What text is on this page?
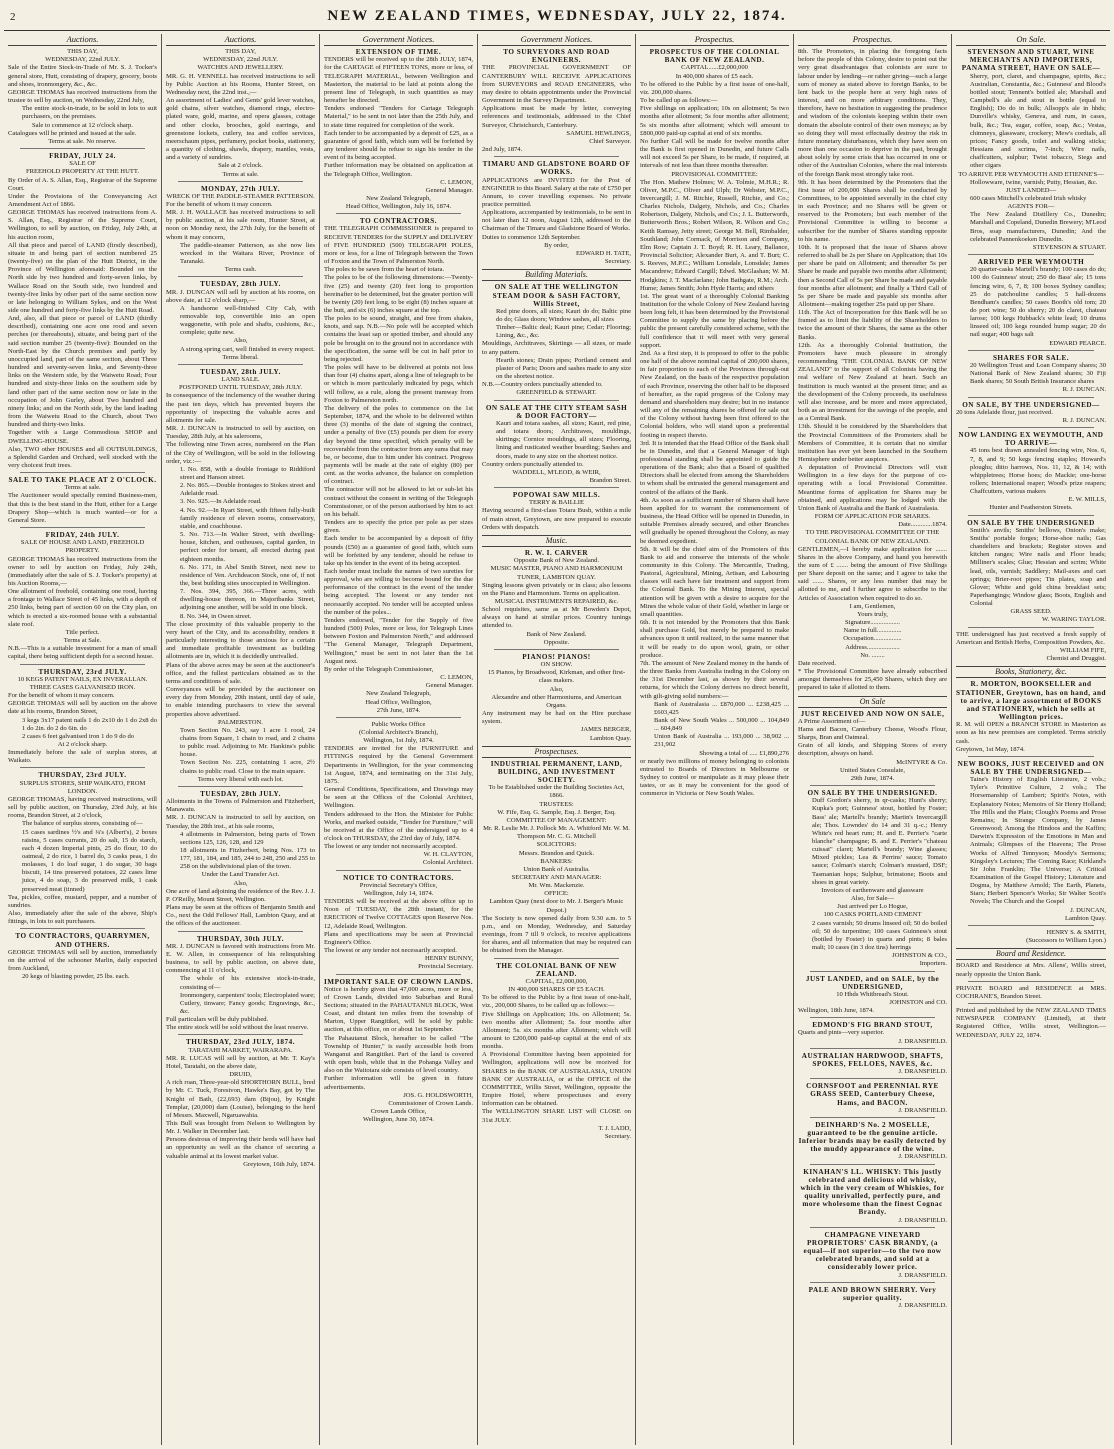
2	NEW ZEALAND TIMES, WEDNESDAY, JULY 22, 1874.
Auctions.
THIS DAY,
WEDNESDAY, 22nd JULY.
Sale of the Entire Stock-in-Trade of Mr. S. J. Tocker's general store, Hutt, consisting of drapery, grocery, boots and shoes, ironmongery, &c., &c.
GEORGE THOMAS has received instructions from the trustee to sell by auction, on Wednesday, 22nd July,
The entire stock-in-trade, to be sold in lots to suit purchasers, on the premises.
Sale to commence at 12 o'clock sharp.
Catalogues will be printed and issued at the sale.
Terms at sale. No reserve.
FRIDAY, JULY 24.
SALE OF
FREEHOLD PROPERTY AT THE HUTT.
By Order of A. S. Allan, Esq., Registrar of the Supreme Court.
Under the Provisions of the Conveyancing Act Amendment Act of 1866.
GEORGE THOMAS has received instructions from A. S. Allan, Esq., Registrar of the Supreme Court, Wellington, to sell by auction, on Friday, July 24th, at his auction room,
All that piece and parcel of LAND (firstly described), situate in and being part of section numbered 25 (twenty-five) on the plan of the Hutt District, in the Province of Wellington aforesaid: Bounded on the North side by two hundred and forty-seven links, by Wallace Road on the South side, two hundred and twenty-five links by other part of the same section now or late belonging to William Sykes, and on the West side one hundred and forty-five links by the Hutt Road.
And, also, all that piece or parcel of LAND (thirdly described), containing one acre one rood and seven perches (or thereabouts), situate, and being part of the said section number 25 (twenty-five): Bounded on the North-East by the Church premises and partly by unoccupied land, part of the same section, about Three hundred and seventy-seven links, and Seventy-three links on the Western side, by the Waiwetu Road; Four hundred and sixty-three links on the southern side by land other part of the same section now or late in the occupation of John Gurley, about Two hundred and ninety links; and on the North side, by the land leading from the Waiwetu Road to the Church, about Two hundred and thirty-two links.
Together with a Large Commodious SHOP and DWELLING-HOUSE.
Also, TWO other HOUSES and all OUTBUILDINGS, a Splendid Garden and Orchard, well stocked with the very choicest fruit trees.
SALE TO TAKE PLACE AT 2 O'CLOCK.
Terms at sale.
The Auctioneer would specially remind Business-men, that this is the best stand in the Hutt, either for a Large Drapery Shop—which is much wanted—or for a General Store.
FRIDAY, 24th JULY.
SALE OF HOUSE AND LAND, FREEHOLD PROPERTY.
GEORGE THOMAS has received instructions from the owner to sell by auction on Friday, July 24th, (immediately after the sale of S. J. Tocker's property) at his Auction Rooms,—
One allotment of freehold, containing one rood, having a frontage to Wallace Street of 45 links, with a depth of 250 links, being part of section 60 on the City plan, on which is erected a six-roomed house with a substantial slate roof.
Title perfect.
Terms at Sale.
N.B.—This is a suitable investment for a man of small capital, there being sufficient depth for a second house.
THURSDAY, 23rd JULY.
10 KEGS PATENT NAILS, EX INVERALLAN.
THREE CASES GALVANISED IRON.
For the benefit of whom it may concern.
GEORGE THOMAS will sell by auction on the above date at his rooms, Brandon Street,
3 kegs 3x17 patent nails 1 do 2x10 do 1 do 2x8 do 1 do 2in. do 2 do 6in. do
2 cases 6 feet galvanised iron 1 do 9 do do
At 2 o'clock sharp.
Immediately before the sale of surplus stores, at Waikato.
THURSDAY, 23rd JULY.
SURPLUS STORES, SHIP WAIKATO, FROM LONDON.
GEORGE THOMAS, having received instructions, will sell by public auction, on Thursday, 23rd July, at his rooms, Brandon Street, at 2 o'clock,
The balance of surplus stores, consisting of—
15 cases sardines ½'s and ¼'s (Albert's), 2 boxes raisins, 5 cases currants, 20 do salt, 15 do starch, each 4 dozen Imperial pints, 25 do flour, 10 do oatmeal, 2 do rice, 1 barrel do, 3 casks peas, 1 do molasses, 1 do loaf sugar, 1 do sugar, 30 bags biscuit, 14 tins preserved potatoes, 22 cases lime juice, 4 do soap, 3 do preserved milk, 1 cask preserved meat (tinned)
Tea, pickles, coffee, mustard, pepper, and a number of sundries.
Also, immediately after the sale of the above, Ship's fittings, in lots to suit purchasers.
TO CONTRACTORS, QUARRYMEN, AND OTHERS.
GEORGE THOMAS will sell by auction, immediately on the arrival of the schooner Marlin, daily expected from Auckland,
20 kegs of blasting powder, 25 lbs. each.
Auctions.
THIS DAY,
WEDNESDAY, 22nd JULY.
WATCHES AND JEWELLERY.
MR. G. H. VENNELL has received instructions to sell by Public Auction at his Rooms, Hunter Street, on Wednesday next, the 22nd inst.,—
An assortment of Ladies' and Gents' gold lever watches, gold chains, silver watches, diamond rings, electro-plated ware, gold, marine, and opera glasses, cottage and other clocks, brooches, gold earrings, and greenstone lockets, cutlery, tea and coffee services, meerschaum pipes, perfumery, pocket books, stationery, a quantity of clothing, shawls, drapery, mantles, vests, and a variety of sundries.
Sale at 2 o'clock.
Terms at sale.
MONDAY, 27th JULY.
WRECK OF THE PADDLE-STEAMER PATTERSON.
For the benefit of whom it may concern.
MR. J. H. WALLACE has received instructions to sell by public auction, at his sale room, Hunter Street, at noon on Monday next, the 27th July, for the benefit of whom it may concern,
The paddle-steamer Patterson, as she now lies wrecked in the Waitara River, Province of Taranaki.
Terms cash.
TUESDAY, 28th JULY.
MR. J. DUNCAN will sell by auction at his rooms, on above date, at 12 o'clock sharp,—
A handsome well-finished City Cab, with removable top, convertible into an open waggonette, with pole and shafts, cushions, &c., complete; quite new.
Also,
A strong spring cart, well finished in every respect.
Terms liberal.
TUESDAY, 28th JULY.
LAND SALE.
POSTPONED UNTIL TUESDAY, 28th JULY.
In consequence of the inclemency of the weather during the past ten days, which has prevented buyers the opportunity of inspecting the valuable acres and allotments for sale.
MR. J. DUNCAN is instructed to sell by auction, on Tuesday, 28th July, at his salerooms,
The following nine Town acres, numbered on the Plan of the City of Wellington, will be sold in the following order, viz.:—
1. No. 858, with a double frontage to Riddiford street and Hanson street.
2. No. 865.—Double frontages to Stokes street and Adelaide road.
3. No. 925.—In Adelaide road.
4. No. 92.—In Ryart Street, with fifteen fully-built family residence of eleven rooms, conservatory, stable, and coachhouse.
5. No. 713.—In Walter Street, with dwelling-house, kitchen, and outhouses, capital garden, in perfect order for tenant, all erected during past eighteen months.
6. No. 171, in Abel Smith Street, next new to residence of Ven. Archdeacon Stock, one of, if not the, best building sites unoccupied in Wellington.
7. Nos. 394, 395, 366.—Three acres, with dwelling-house thereon, in Majoribanks Street, adjoining one another, will be sold in one block.
8. No. 344, in Owen street.
The close proximity of this valuable property to the very heart of the City, and its accessibility, renders it particularly interesting to those anxious for a certain and immediate profitable investment as building allotments are in, which it is decidedly unrivalled.
Plans of the above acres may be seen at the auctioneer's office, and the fullest particulars obtained as to the terms and conditions of sale.
Conveyances will be provided by the auctioneer on every day from Monday, 20th instant, until day of sale, to enable intending purchasers to view the several properties above advertised.
PALMERSTON.
Town Section No. 243, say 1 acre 1 rood, 24 chains from Square, 1 chain to road, and 2 chains to public road. Adjoining to Mr. Hankins's public house.
Town Section No. 225, containing 1 acre, 2½ chains to public road. Close to the main square.
Terms very liberal with each lot.
TUESDAY, 28th JULY.
Allotments in the Towns of Palmerston and Fitzherbert, Manawatu.
MR. J. DUNCAN is instructed to sell by auction, on Tuesday, the 28th inst., at his sale rooms,
4 allotments in Palmerston, being parts of Town sections 125, 126, 128, and 129
18 allotments in Fitzherbert, being Nos. 173 to 177, 181, 184, and 185, 244 to 248, 250 and 255 to 258 on the subdivisional plan of the town.
Under the Land Transfer Act.
Also,
One acre of land adjoining the residence of the Rev. J. J. P. O'Reilly, Mount Street, Wellington.
Plans may be seen at the offices of Benjamin Smith and Co., next the Odd Fellows' Hall, Lambton Quay, and at the offices of the auctioneer.
THURSDAY, 30th JULY.
MR. J. DUNCAN is favored with instructions from Mr. E. W. Allen, in consequence of his relinquishing business, to sell by public auction, on above date, commencing at 11 o'clock,
The whole of his extensive stock-in-trade, consisting of—
Ironmongery, carpenters' tools; Electroplated ware; Cutlery, tinware; Fancy goods; Engravings, &c., &c.
Full particulars will be duly published.
The entire stock will be sold without the least reserve.
THURSDAY, 23rd JULY, 1874.
TARATAHI MARKET, WAIRARAPA.
MR. R. LUCAS will sell by auction, at Mr. T. Kay's Hotel, Taratahi, on the above date,
DRUID,
A rich roan, Three-year-old SHORTHORN BULL, bred by Mr. C. Tuck, Forestvon, Hawke's Bay, got by The Knight of Bath, (22,693) dam (Bijou), by Knight Templar, (20,000) dam (Louise), belonging to the herd of Messrs. Maxwell, Ngaruawahia.
This Bull was brought from Nelson to Wellington by Mr. J. Walker in December last.
Persons desirous of improving their herds will have had an opportunity as well as the chance of securing a valuable animal at its lowest market value.
Greytown, 16th July, 1874.
Government Notices.
EXTENSION OF TIME.
TENDERS will be received up to the 28th JULY, 1874, for the CARTAGE of FIFTEEN TONS, more or less, of TELEGRAPH MATERIAL, between Wellington and Masterton, the material to be laid at points along the present line of Telegraph, in such quantities as may hereafter be directed.
Tenders endorsed "Tenders for Cartage Telegraph Material," to be sent in not later than the 25th July, and to state time required for completion of the work.
Each tender to be accompanied by a deposit of £25, as a guarantee of good faith, which sum will be forfeited by any tenderer should he refuse to sign his tender in the event of its being accepted.
Further information may be obtained on application at the Telegraph Office, Wellington.
C. LEMON,
General Manager.
New Zealand Telegraph,
Head Office, Wellington, July 16, 1874.
TO CONTRACTORS.
THE TELEGRAPH COMMISSIONER is prepared to RECEIVE TENDERS for the SUPPLY and DELIVERY of FIVE HUNDRED (500) TELEGRAPH POLES, more or less, for a line of Telegraph between the Town of Foxton and the Town of Palmerston North.
The poles to be sawn from the heart of totara.
The poles to be of the following dimensions:—Twenty-five (25) and twenty (20) feet long to proportion hereinafter to be determined, but the greater portion will be twenty (20) feet long, to be eight (8) inches square at the butt, and six (6) inches square at the top.
The poles to be sound, straight, and free from shakes, knots, and sap. N.B.—No pole will be accepted which contains the least sap or spotted timber, and should any pole be brought on to the ground not in accordance with the specification, the same will be cut in half prior to being rejected.
The poles will have to be delivered at points not less than four (4) chains apart, along a line of telegraph to be or which is more particularly indicated by pegs, which will follow, as a rule, along the present tramway from Foxton to Palmerston north.
The delivery of the poles to commence on the 1st September, 1874, and the whole to be delivered within three (3) months of the date of signing the contract, under a penalty of five (£5) pounds per diem for every day beyond the time specified, which penalty will be recoverable from the contractor from any sums that may be, or become, due to him under his contract. Progress payments will be made at the rate of eighty (80) per cent. as the works advance, the balance on completion of contract.
The contractor will not be allowed to let or sub-let his contract without the consent in writing of the Telegraph Commissioner, or of the person authorised by him to act on his behalf.
Tenders are to specify the price per pole as per sizes given.
Each tender to be accompanied by a deposit of fifty pounds (£50) as a guarantee of good faith, which sum will be forfeited by any tenderer, should he refuse to take up his tender in the event of its being accepted.
Each tender must include the names of two sureties for approval, who are willing to become bound for the due performance of the contract in the event of the tender being accepted. The lowest or any tender not necessarily accepted. No tender will be accepted unless the number of the poles...
Tenders endorsed, "Tender for the Supply of five hundred (500) Poles, more or less, for Telegraph Lines between Foxton and Palmerston North," and addressed "The General Manager, Telegraph Department, Wellington," must be sent in not later than the 1st August next.
By order of the Telegraph Commissioner,
C. LEMON,
General Manager.
New Zealand Telegraph,
Head Office, Wellington,
27th June, 1874.
Public Works Office
(Colonial Architect's Branch),
Wellington, 1st July, 1874.
TENDERS are invited for the FURNITURE and FITTINGS required by the General Government Departments in Wellington, for the year commencing 1st August, 1874, and terminating on the 31st July, 1875.
General Conditions, Specifications, and Drawings may be seen at the Offices of the Colonial Architect, Wellington.
Tenders addressed to the Hon. the Minister for Public Works, and marked outside, "Tender for Furniture," will be received at the Office of the undersigned up to 4 o'clock on THURSDAY, the 23rd day of July, 1874.
The lowest or any tender not necessarily accepted.
W. H. CLAYTON,
Colonial Architect.
NOTICE TO CONTRACTORS.
Provincial Secretary's Office,
Wellington, July 14, 1874.
TENDERS will be received at the above office up to Noon of TUESDAY, the 28th instant, for the ERECTION of Twelve COTTAGES upon Reserve Nos. 12, Adelaide Road, Wellington.
Plans and specifications may be seen at Provincial Engineer's Office.
The lowest or any tender not necessarily accepted.
HENRY BUNNY,
Provincial Secretary.
IMPORTANT SALE OF CROWN LANDS.
Notice is hereby given that 47,000 acres, more or less, of Crown Lands, divided into Suburban and Rural Sections; situated in the PAHAUTANUI BLOCK, West Coast, and distant ten miles from the township of Marton, Upper Rangitikei, will be sold by public auction, at this office, on or about 1st September.
The Pahautanui Block, hereafter to be called "The Township of Hunter," is easily accessible both from Wanganui and Rangitikei. Part of the land is covered with open bush, while that in the Pohanga Valley and also on the Waitotara side consists of level country.
Further information will be given in future advertisements.
JOS. G. HOLDSWORTH,
Commissioner of Crown Lands.
Crown Lands Office,
Wellington, June 30, 1874.
Government Notices.
TO SURVEYORS AND ROAD ENGINEERS.
THE PROVINCIAL GOVERNMENT OF CANTERBURY WILL RECEIVE APPLICATIONS from SURVEYORS and ROAD ENGINEERS, who may desire to obtain appointments under the Provincial Government in the Survey Department.
Applications must be made by letter, conveying references and testimonials, addressed to the Chief Surveyor, Christchurch, Canterbury.
SAMUEL HEWLINGS,
Chief Surveyor.
2nd July, 1874.
TIMARU AND GLADSTONE BOARD OF WORKS.
APPLICATIONS are INVITED for the Post of ENGINEER to this Board. Salary at the rate of £750 per Annum, to cover travelling expenses. No private practice permitted.
Applications, accompanied by testimonials, to be sent in not later than 12 noon, August 12th, addressed to the Chairman of the Timaru and Gladstone Board of Works.
Duties to commence 12th September.
By order,
EDWARD H. TATE,
Secretary.
Building Materials.
ON SALE AT THE WELLINGTON STEAM DOOR & SASH FACTORY, Willis Street,
Red pine doors, all sizes; Kauri do do; Baltic pine do do; Glass doors; Window sashes, all sizes
Timber—Baltic deal; Kauri pine; Cedar; Flooring; Lining, &c., &c.
Mouldings, Architraves, Skirtings — all sizes, or made to any pattern.
Hearth stones; Drain pipes; Portland cement and plaster of Paris; Doors and sashes made to any size on the shortest notice.
N.B.—Country orders punctually attended to.
GREENFIELD & STEWART.
ON SALE AT THE CITY STEAM SASH & DOOR FACTORY—
Kauri and totara sashes, all sizes; Kauri, red pine, and totara doors; Architraves, mouldings, skirtings; Cornice mouldings, all sizes; Flooring, lining and rusticated weather boarding; Sashes and doors, made to any size on the shortest notice.
Country orders punctually attended to.
WADDELL, M'LEOD, & WEIR,
Brandon Street.
POPOWAI SAW MILLS.
TERRY & BAILLIE
Having secured a first-class Totara Bush, within a mile of main street, Greytown, are now prepared to execute Orders with despatch.
Music.
R. W. I. CARVER
Opposite Bank of New Zealand.
MUSIC MASTER, PIANO AND HARMONIUM TUNER, LAMBTON QUAY.
Singing lessons given privately or in class; also lessons on the Piano and Harmonium. Terms on application.
MUSICAL INSTRUMENTS REPAIRED, &c.
School requisites, same as at Mr Bowden's Depot, always on hand at similar prices. Country tunings attended to.
Bank of New Zealand.
Opposite.
PIANOS! PIANOS!
ON SHOW.
15 Pianos, by Broadwood, Kirkman, and other first-class makers.
Also,
Alexandre and other Harmoniums, and American Organs.
Any instrument may be had on the Hire purchase system.
JAMES BERGER,
Lambton Quay.
Prospectuses.
INDUSTRIAL PERMANENT, LAND, BUILDING, AND INVESTMENT SOCIETY.
To be Established under the Building Societies Act, 1866.
TRUSTEES:
W. Fife, Esq. G. Sample, Esq. J. Berger, Esq.
COMMITTEE OF MANAGEMENT:
Mr. R. Leslie Mr. J. Pollock Mr. A. Whitford Mr. W. M. Thompson Mr. C. G. Mitchell
SOLICITORS:
Messrs. Brandon and Quick.
BANKERS:
Union Bank of Australia.
SECRETARY AND MANAGER:
Mr. Wm. Mackenzie.
OFFICE:
Lambton Quay (next door to Mr. J. Berger's Music Depot.)
The Society is now opened daily from 9.30 a.m. to 5 p.m., and on Monday, Wednesday, and Saturday evenings, from 7 till 9 o'clock, to receive applications for shares, and all information that may be required can be obtained from the Manager.
THE COLONIAL BANK OF NEW ZEALAND.
CAPITAL, £2,000,000,
IN 400,000 SHARES OF £5 EACH.
To be offered to the Public by a first issue of one-half, viz., 200,000 Shares, to be called up as follows:—
Five Shillings on Application; 10s. on Allotment; 5s. two months after Allotment; 5s. four months after Allotment; 5s. six months after Allotment; which will amount to £200,000 paid-up capital at the end of six months.
A Provisional Committee having been appointed for Wellington, applications will now be received for SHARES in the BANK OF AUSTRALASIA, UNION BANK OF AUSTRALIA, or at the OFFICE of the COMMITTEE, Willis Street, Wellington, opposite the Empire Hotel, where prospectuses and every information can be obtained.
The WELLINGTON SHARE LIST will CLOSE on 31st JULY.
T. J. LADD,
Secretary.
Prospectus.
PROSPECTUS OF THE COLONIAL BANK OF NEW ZEALAND.
CAPITAL......£2,000,000
In 400,000 shares of £5 each.
To be offered to the Public by a first issue of one-half, viz. 200,000 shares.
To be called up as follows:—
Five shillings on application; 10s on allotment; 5s two months after allotment; 5s four months after allotment; 5s six months after allotment; which will amount to £800,000 paid-up capital at end of six months.
No further Call will be made for twelve months after the Bank is first opened in Dunedin, and future Calls will not exceed 5s per Share, to be made, if required, at intervals of not less than three months thereafter.
PROVISIONAL COMMITTEE:
The Hon. Mathew Holmes; W. A. Tolmie, M.H.R.; R. Oliver, M.P.C., Oliver and Ulph; Dr Webster, M.P.C., Invercargill; J. M. Ritchie, Russell, Ritchie, and Co.; Charles Nichols, Dalgety, Nichols, and Co.; Charles Robertson, Dalgety, Nichols, and Co.; J. L. Butterworth, Butterworth Bros.; Robert Wilson, R. Wilson and Co.; Keith Ramsay, Jetty street; George M. Bell, Rimbalder, Southland; John Cormack, of Morrison and Company, Elm Row; Captain J. T. Boyd; R. H. Leary, Ballance, Provincial Solicitor; Alexander Burt, A. and T. Burt; C. S. Reeves, M.P.C.; William Lonsdale, Lonsdale; James Macandrew; Edward Cargill; Edwd. McGlashan; W. M. Hodgkins; J. T. Macfarlane; John Bathgate, R.M.; Arch. Hume; James Smith; John Hyde Harris; and others
1st. The great want of a thoroughly Colonial Banking Institution for the whole Colony of New Zealand having been long felt, it has been determined by the Provisional Committee to supply the same by placing before the public the present carefully considered scheme, with the full confidence that it will meet with very general support.
2nd. As a first step, it is proposed to offer to the public one half of the above nominal capital of 200,000 shares, in fair proportion to each of the Provinces through-out New Zealand, on the basis of the respective population of each Province, reserving the other half to be disposed of hereafter, as the rapid progress of the Colony may demand and shareholders may desire; but in no instance will any of the remaining shares be offered for sale out of the Colony without having been first offered to the Colonial holders, who will stand upon a preferential footing in respect thereto.
3rd. It is intended that the Head Office of the Bank shall be in Dunedin, and that a General Manager of high professional standing shall be appointed to guide the operations of the Bank; also that a Board of qualified Directors shall be elected from among the Shareholders to whom shall be entrusted the general management and control of the affairs of the Bank.
4th. As soon as a sufficient number of Shares shall have been applied for to warrant the commencement of business, the Head Office will be opened in Dunedin, in suitable Premises already secured, and other Branches will gradually be opened throughout the Colony, as may be deemed expedient.
5th. It will be the chief aim of the Promoters of this Bank to aid and conserve the interests of the whole community in this Colony. The Mercantile, Trading, Pastoral, Agricultural, Mining, Artisan, and Labouring classes will each have fair treatment and support from the Colonial Bank. To the Mining Interest, special attention will be given with a desire to acquire for the Mines the whole value of their Gold, whether in large or small quantities.
6th. It is not intended by the Promoters that this Bank shall purchase Gold, but merely be prepared to make advances upon it until realized, in the same manner that it will be ready to do upon wool, grain, or other produce.
7th. The amount of New Zealand money in the hands of the three Banks from Australia trading in the Colony on the 31st December last, as shown by their several returns, for which the Colony derives no direct benefit, with gilt-giving solid numbers:—
Bank of Australasia ... £870,000 ... £238,425 ... £603,425
Bank of New South Wales ... 500,000 ... 104,849 ... 604,849
Union Bank of Australia ... 193,000 ... 38,902 ... 231,902
Showing a total of ..... £1,890,276
or nearly two millions of money belonging to colonists entrusted to Boards of Directors in Melbourne or Sydney to control or manipulate as it may please their tastes, or as it may be convenient for the good of commerce in Victoria or New South Wales.
Prospectus.
8th. The Promoters, in placing the foregoing facts before the people of this Colony, desire to point out the very great disadvantages that colonists are sure to labour under by lending—or rather giving—such a large sum of money as stated above to foreign Banks, to be lent back to the people here at very high rates of interest, and on more arbitrary conditions. They, therefore, have no hesitation in suggesting the prudence and wisdom of the colonists keeping within their own domain the absolute control of their own moneys; as by so doing they will most effectually destroy the risk in future monetary disturbances, which they have seen on more than one occasion to deprive in the past, brought about solely by some crisis that has occurred in one or other of the Australian Colonies, where the real interests of the foreign Bank most strongly take root.
9th. It has been determined by the Promoters that the first issue of 200,000 Shares shall be conducted by Committees, to be appointed severally in the chief city in each Province; and no Shares will be given or reserved to the Promoters; but each member of the Provisional Committee is willing to become a subscriber for the number of Shares standing opposite to his name.
10th. It is proposed that the issue of Shares above referred to shall be 2s per Share on Application; that 10s per share be paid on Allotment; and thereafter 5s per Share be made and payable two months after Allotment; then a Second Call of 5s per Share be made and payable four months after allotment; and finally a Third Call of 5s per Share be made and payable six months after Allotment—making together 25s paid up per Share.
11th. The Act of Incorporation for this Bank will be so framed as to limit the liability of the Shareholders to twice the amount of their Shares, the same as the other Banks.
12th. As a thoroughly Colonial Institution, the Promoters have much pleasure in strongly recommending "THE COLONIAL BANK OF NEW ZEALAND" to the support of all Colonists having the real welfare of New Zealand at heart. Such an Institution is much wanted at the present time; and as the development of the Colony proceeds, its usefulness will also increase, and be more and more appreciated, both as an investment for the savings of the people, and as a Central Bank.
13th. Should it be considered by the Shareholders that the Provincial Committees of the Promoters shall be Members of Committee, it is certain that no similar institution has ever yet been launched in the Southern Hemisphere under better auspices.
A deputation of Provincial Directors will visit Wellington in a few days for the purpose of co-operating with a local Provisional Committee. Meantime forms of application for Shares may be obtained, and applications may be lodged with the Union Bank of Australia and the Bank of Australasia.
FORM OF APPLICATION FOR SHARES.
Date.............1874.
TO THE PROVISIONAL COMMITTEE OF THE COLONIAL BANK OF NEW ZEALAND.
GENTLEMEN,—I hereby make application for ....... Shares in the above Company, and hand you herewith the sum of £ ....... being the amount of Five Shillings per Share deposit on the same; and I agree to take the said ....... Shares, or any less number that may be allotted to me, and I further agree to subscribe to the Articles of Association when required to do so.
I am, Gentlemen,
Yours truly,
Signature..................
Name in full...............
Occupation.................
Address....................
No. ........
Date received.
* The Provisional Committee have already subscribed amongst themselves for 25,450 Shares, which they are prepared to take if allotted to them.
On Sale
JUST RECEIVED AND NOW ON SALE,
A Prime Assortment of—
Hams and Bacon, Canterbury Cheese, Wood's Flour, Sharps, Bran and Oatmeal.
Grain of all kinds, and Shipping Stores of every description, always on hand.
McINTYRE & Co.
United States Consulate,
29th June, 1874.
ON SALE BY THE UNDERSIGNED.
Duff Gordon's sherry, in qr-casks; Hunt's sherry; Kupka's port; Guinness' stout, bottled by Foster; Bass' ale; Martell's brandy; Martin's Invercargill ale; Thos. Lowndes' do 14 and 31 q.-c.; Henry White's red heart rum; H. and E. Perrier's "carte blanche" champagne; B. and E. Perrier's "chateau cuissat" claret; Martell's brandy; Wine glasses; Mixed pickles; Lea & Perrins' sauce; Tomato sauce; Colman's starch; Colman's mustard, DSF; Tasmanian hops; Sulphur, brimstone; Boots and shoes in great variety.
Invoices of earthenware and glassware
Also, for Sale—
Just arrived per Lo Hogue,
100 CASKS PORTLAND CEMENT
2 cases varnish; 50 drums linseed oil; 50 do boiled oil; 50 do turpentine; 100 cases Guinness's stout (bottled by Foster) in quarts and pints; 8 bales malt; 10 cases (in 3 doz tins) herrings
JOHNSTON & CO.,
Importers.
JUST LANDED, and on SALE, by the UNDERSIGNED,
10 Hhds Whitbread's Stout.
JOHNSTON and CO.
Wellington, 18th June, 1874.
EDMOND'S FIG BRAND STOUT,
Quarts and pints—very superior.
J. DRANSFIELD.
AUSTRALIAN HARDWOOD, SHAFTS, SPOKES, FELLOES, NAVES, &c.
J. DRANSFIELD.
CORNSFOOT and PERENNIAL RYE GRASS SEED, Canterbury Cheese, Hams, and BACON.
J. DRANSFIELD.
DEINHARD'S No. 2 MOSELLE, guaranteed to be the genuine article. Inferior brands may be easily detected by the muddy appearance of the wine.
J. DRANSFIELD.
KINAHAN'S LL. WHISKY: This justly celebrated and delicious old whisky, which in the very cream of Whiskies, for quality unrivalled, perfectly pure, and more wholesome than the finest Cognac Brandy.
J. DRANSFIELD.
CHAMPAGNE VINEYARD PROPRIETORS' CASK BRANDY, (a equal—if not superior—to the two now celebrated brands, and sold at a considerably lower price.
J. DRANSFIELD.
PALE AND BROWN SHERRY. Very superior quality.
J. DRANSFIELD.
On Sale.
STEVENSON AND STUART, WINE MERCHANTS AND IMPORTERS, PANAMA STREET, HAVE ON SALE—
Sherry, port, claret, and champagne, spirits, &c.; Australian, Constantia, &c.; Guinness' and Blood's bottled stout; Tennent's bottled ale; Marshall and Campbell's ale and stout in bottle (equal to English); Do do in bulk; Allsopp's ale in hhds; Dunville's whisky, Geneva, and rum, in cases, bulk, &c.; Tea, sugar, coffee, soap, &c.; Vestas, chimneys, glassware, crockery; Mew's cordials, all prices; Fancy goods, toilet and walking sticks; Hessians and scrims, 7-inch; Wire nails, chaffcutters, sulphur; Twist tobacco, Siegs and other cigars
TO ARRIVE PER WEYMOUTH AND ETIENNE'S—
Hollowware, twine, varnish; Putty, Hessian, &c.
JUST LANDED—
600 cases Mitchell's celebrated Irish whisky
AGENTS FOR—
The New Zealand Distillery Co., Dunedin; Marshall and Copeland, Dunedin Brewery; M'Leod Bros, soap manufacturers, Dunedin; And the celebrated Pannenkoeken Dunedin.
STEVENSON & STUART.
ARRIVED PER WEYMOUTH
20 quarter-casks Martell's brandy; 100 cases do do; 100 do Guinness' stout; 250 do Bass' ale; 15 tons fencing wire, 6, 7, 8; 100 boxes Sydney candles; 25 do patchouline candles; 5 hall-dozens Bendham's candles; 50 cases Booth's old tom; 20 do port wine; 50 do sherry; 20 do claret, chateau larose; 100 kegs Hubback's white lead; 10 drums linseed oil; 100 kegs rounded hump sugar; 20 do nail sugar; 400 bags salt
EDWARD PEARCE.
SHARES FOR SALE.
20 Wellington Trust and Loan Company shares; 30 National Bank of New Zealand shares; 30 Fiji Bank shares; 50 South British Insurance shares
R. J. DUNCAN.
ON SALE, BY THE UNDERSIGNED—
20 tons Adelaide flour, just received.
R. J. DUNCAN.
NOW LANDING EX WEYMOUTH, AND TO ARRIVE—
45 tons best drawn annealed fencing wire, Nos. 6, 7, 8, and 9; 50 kegs fencing staples; Howard's ploughs; ditto harrows, Nos. 11, 12, & 14; with whippletrees; Horse hoes; do Mackie; one-horse rollers; International reaper; Wood's prize reapers; Chaffcutters, various makers
E. W. MILLS,
Hunter and Featherston Streets.
ON SALE BY THE UNDERSIGNED
Smith's anvils; Smiths' bellows, Onion's make; Smiths' portable forges; Horse-shoe nails; Gas chandeliers and brackets; Register stoves and kitchen ranges; Wire nails and Floor brads; Milliner's scales; Glue; Hessian and scrim; White lead, oils, varnish; Saddlery; Mail-axes and cart springs; Brier-root pipes; Tin plates, soap and Glover; White and gold china breakfast sets; Paperhangings; Window glass; Boots, English and Colonial
GRASS SEED.
W. WARING TAYLOR.
THE undersigned has just received a fresh supply of American and British Herbs, Composition Powders, &c.
WILLIAM FIFE,
Chemist and Druggist.
Books, Stationery, &c.
R. MORTON, BOOKSELLER and STATIONER, Greytown, has on hand, and to arrive, a large assortment of BOOKS and STATIONERY, which he sells at Wellington prices.
R. M. will OPEN a BRANCH STORE in Masterton as soon as his new premises are completed. Terms strictly cash.
Greytown, 1st May, 1874.
NEW BOOKS, JUST RECEIVED and ON SALE BY THE UNDERSIGNED—
Taine's History of English Literature, 2 vols.; Tyler's Primitive Culture, 2 vols.; The Horsemanship of Lambert; Spirit's Notes, with Explanatory Notes; Memoirs of Sir Henry Holland; The Hills and the Plain; Clough's Poems and Prose Remains; In Strange Company, by James Greenwood; Among the Hindoos and the Kaffirs; Darwin's Expression of the Emotions in Man and Animals; Glimpses of the Heavens; The Prose Works of Alfred Tennyson; Moody's Sermons; Kingsley's Lectures; The Coming Race; Kirkland's Sir John Franklin; The Universe; A Critical Examination of the Gospel History; Literature and Dogma, by Matthew Arnold; The Earth, Planets, Stars; Herbert Spencer's Works; Sir Walter Scott's Novels; The Church and the Gospel
J. DUNCAN,
Lambton Quay.
HENRY S. & SMITH,
(Successors to William Lyon.)
Board and Residence.
BOARD and Residence at Mrs. Allens', Willis street, nearly opposite the Union Bank.
PRIVATE BOARD and RESIDENCE at MRS. COCHRANE'S, Brandon Street.
Printed and published by the NEW ZEALAND TIMES NEWSPAPER COMPANY (Limited), at their Registered Office, Willis street, Wellington.—WEDNESDAY, JULY 22, 1874.
